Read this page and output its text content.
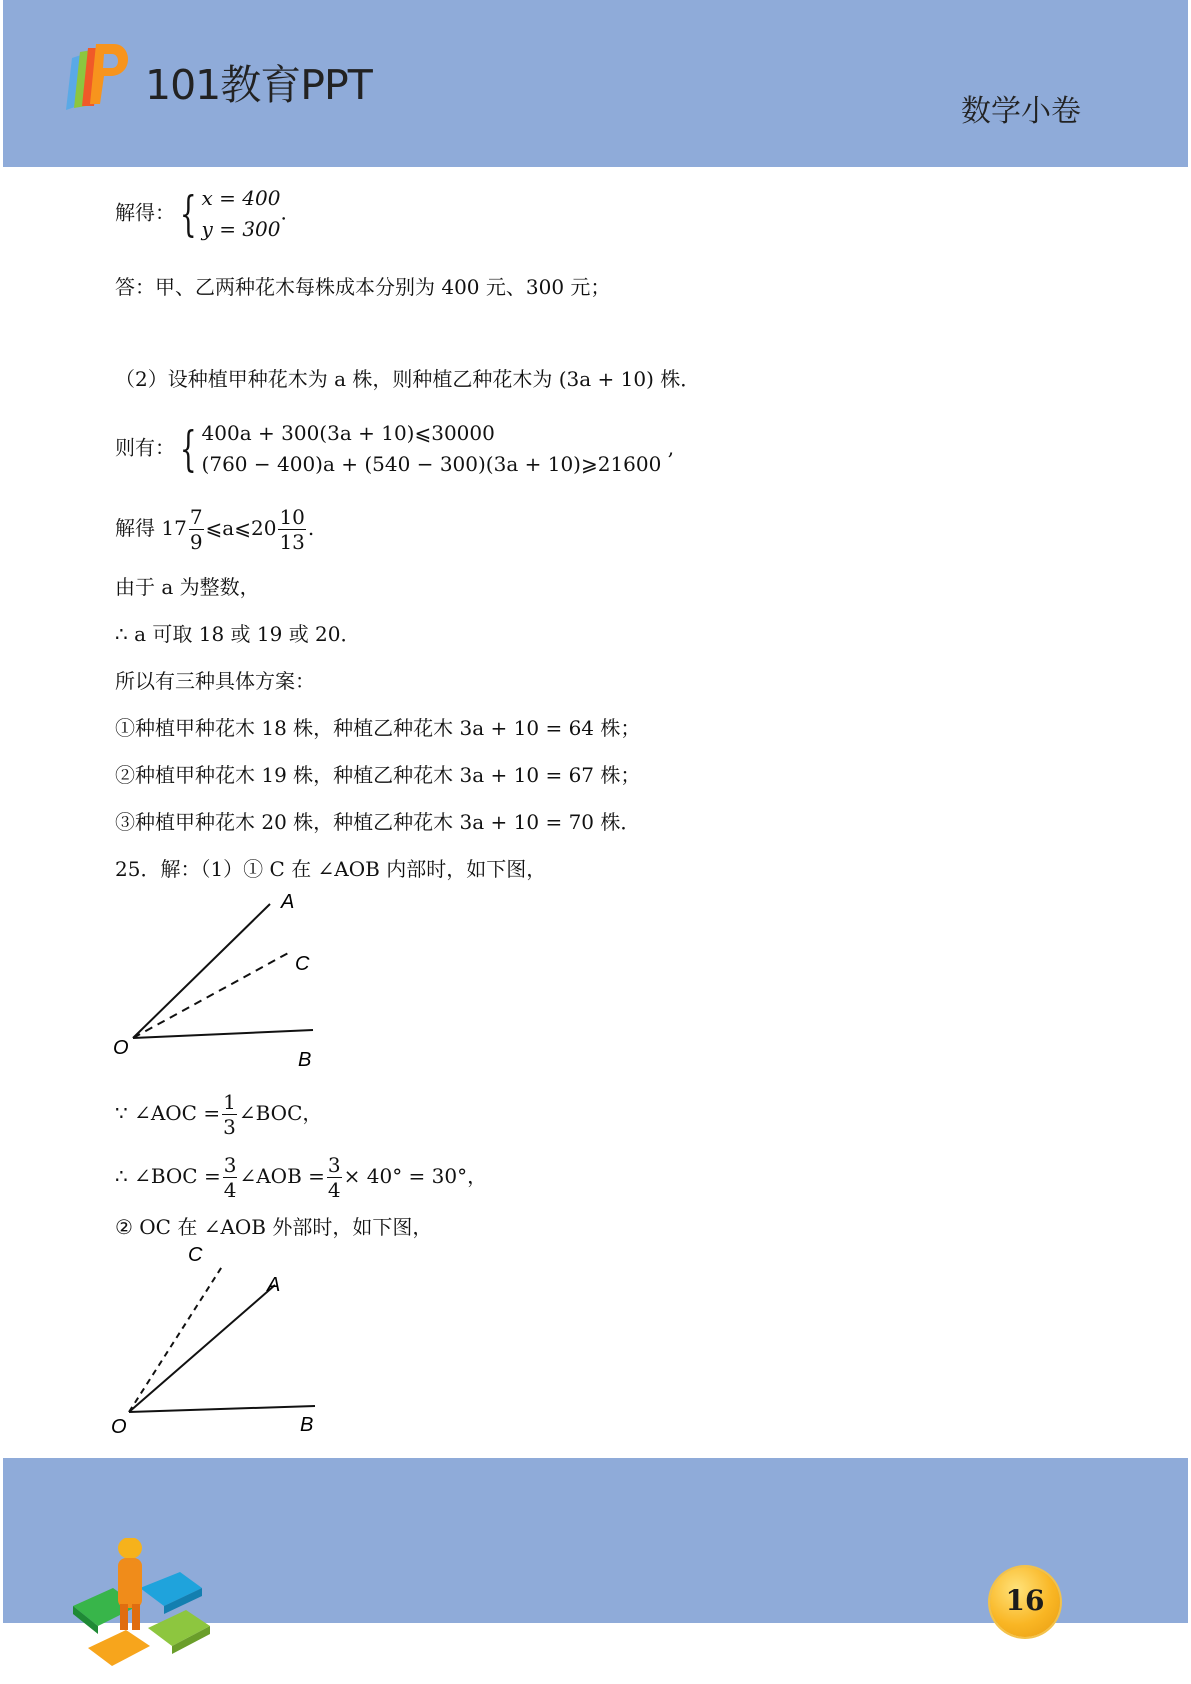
101教育PPT
数学小卷
解得： { x = 400
y = 300
.
答：甲、乙两种花木每株成本分别为 400 元、300 元；
（2）设种植甲种花木为 a 株，则种植乙种花木为 (3a + 10) 株．
则有： { 400a + 300(3a + 10)⩽30000
(760 − 400)a + (540 − 300)(3a + 10)⩾21600
,
解得 $17 \frac{7}{9}$ ⩽a⩽20 $\frac{10}{13}$ .
由于 a 为整数，
∴ a 可取 18 或 19 或 20．
所以有三种具体方案：
①种植甲种花木 18 株，种植乙种花木 3a + 10 = 64 株；
②种植甲种花木 19 株，种植乙种花木 3a + 10 = 67 株；
③种植甲种花木 20 株，种植乙种花木 3a + 10 = 70 株．
25．解：（1）① C 在 ∠AOB 内部时，如下图，
∵ ∠AOC = $\frac{1}{3}$ ∠BOC，
∴ ∠BOC = $\frac{3}{4}$ ∠AOB = $\frac{3}{4} \times 40^\circ = 30^\circ$，
② OC 在 ∠AOB 外部时，如下图，
A
C
B
O
A
C
B
O
16
